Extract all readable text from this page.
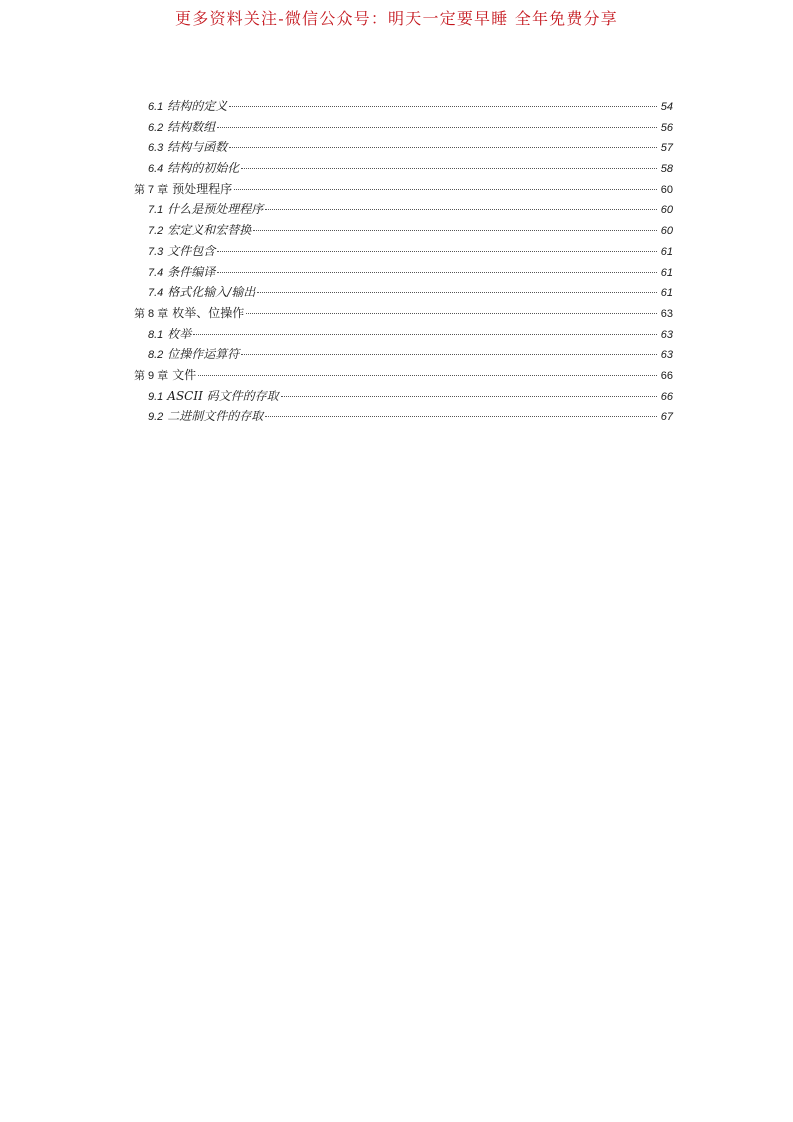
更多资料关注-微信公众号：明天一定要早睡 全年免费分享
6.1 结构的定义	54
6.2 结构数组	56
6.3 结构与函数	57
6.4 结构的初始化	58
第 7 章 预处理程序	60
7.1 什么是预处理程序	60
7.2 宏定义和宏替换	60
7.3 文件包含	61
7.4 条件编译	61
7.4 格式化输入/输出	61
第 8 章 枚举、位操作	63
8.1 枚举	63
8.2 位操作运算符	63
第 9 章 文件	66
9.1 ASCII 码文件的存取	66
9.2 二进制文件的存取	67
